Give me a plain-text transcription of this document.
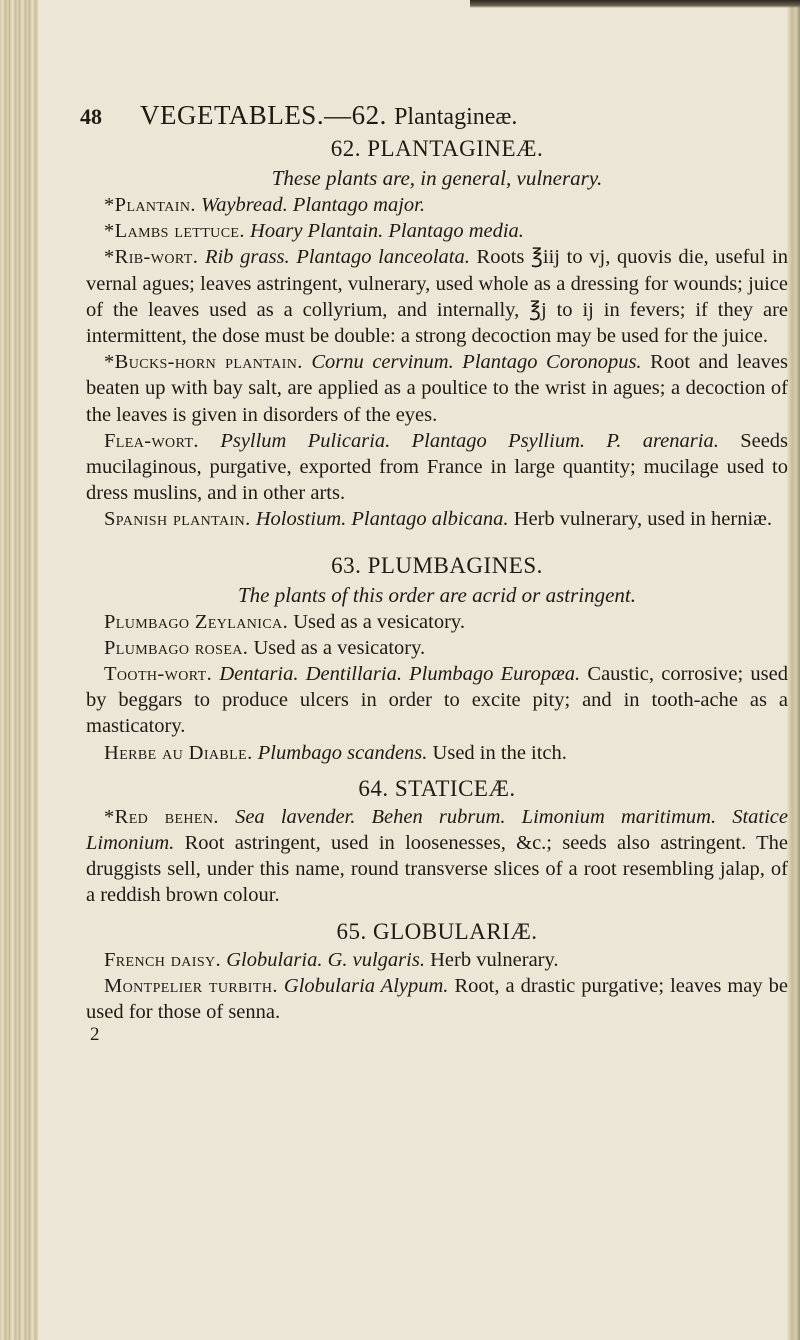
48 VEGETABLES.—62. Plantagineæ.
62. PLANTAGINEÆ.

These plants are, in general, vulnerary.

*Plantain. Waybread. Plantago major.

*Lambs lettuce. Hoary Plantain. Plantago media.

*Rib-wort. Rib grass. Plantago lanceolata. Roots ℥iij to vj, quovis die, useful in vernal agues; leaves astringent, vulnerary, used whole as a dressing for wounds; juice of the leaves used as a collyrium, and internally, ℥j to ij in fevers; if they are intermittent, the dose must be double: a strong decoction may be used for the juice.

*Bucks-horn plantain. Cornu cervinum. Plantago Coronopus. Root and leaves beaten up with bay salt, are applied as a poultice to the wrist in agues; a decoction of the leaves is given in disorders of the eyes.

Flea-wort. Psyllum Pulicaria. Plantago Psyllium. P. arenaria. Seeds mucilaginous, purgative, exported from France in large quantity; mucilage used to dress muslins, and in other arts.

Spanish plantain. Holostium. Plantago albicana. Herb vulnerary, used in herniæ.

63. PLUMBAGINES.

The plants of this order are acrid or astringent.

Plumbago Zeylanica. Used as a vesicatory.

Plumbago rosea. Used as a vesicatory.

Tooth-wort. Dentaria. Dentillaria. Plumbago Europæa. Caustic, corrosive; used by beggars to produce ulcers in order to excite pity; and in tooth-ache as a masticatory.

Herbe au Diable. Plumbago scandens. Used in the itch.

64. STATICEÆ.

*Red behen. Sea lavender. Behen rubrum. Limonium maritimum. Statice Limonium. Root astringent, used in loosenesses, &c.; seeds also astringent. The druggists sell, under this name, round transverse slices of a root resembling jalap, of a reddish brown colour.

65. GLOBULARIÆ.

French daisy. Globularia. G. vulgaris. Herb vulnerary.

Montpelier turbith. Globularia Alypum. Root, a drastic purgative; leaves may be used for those of senna.

2
